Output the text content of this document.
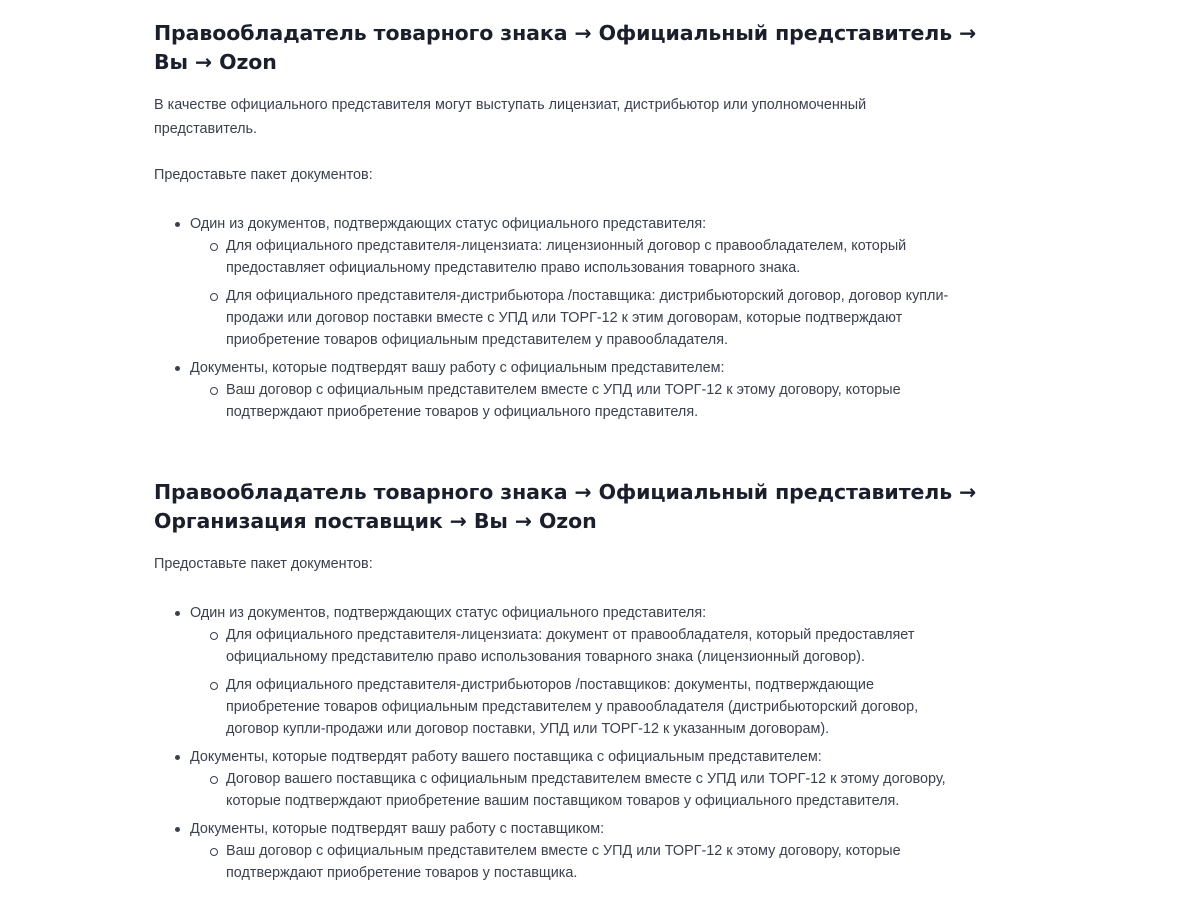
Правообладатель товарного знака → Официальный представитель → Вы → Ozon

В качестве официального представителя могут выступать лицензиат, дистрибьютор или уполномоченный
представитель.

Предоставьте пакет документов:

Один из документов, подтверждающих статус официального представителя:
Для официального представителя-лицензиата: лицензионный договор с правообладателем, который
предоставляет официальному представителю право использования товарного знака.
Для официального представителя-дистрибьютора /поставщика: дистрибьюторский договор, договор купли-
продажи или договор поставки вместе с УПД или ТОРГ-12 к этим договорам, которые подтверждают
приобретение товаров официальным представителем у правообладателя.
Документы, которые подтвердят вашу работу с официальным представителем:
Ваш договор с официальным представителем вместе с УПД или ТОРГ-12 к этому договору, которые
подтверждают приобретение товаров у официального представителя.
Правообладатель товарного знака → Официальный представитель →
Организация поставщик → Вы → Ozon

Предоставьте пакет документов:

Один из документов, подтверждающих статус официального представителя:
Для официального представителя-лицензиата: документ от правообладателя, который предоставляет
официальному представителю право использования товарного знака (лицензионный договор).
Для официального представителя-дистрибьюторов /поставщиков: документы, подтверждающие
приобретение товаров официальным представителем у правообладателя (дистрибьюторский договор,
договор купли-продажи или договор поставки, УПД или ТОРГ-12 к указанным договорам).
Документы, которые подтвердят работу вашего поставщика с официальным представителем:
Договор вашего поставщика с официальным представителем вместе с УПД или ТОРГ-12 к этому договору,
которые подтверждают приобретение вашим поставщиком товаров у официального представителя.
Документы, которые подтвердят вашу работу с поставщиком:
Ваш договор с официальным представителем вместе с УПД или ТОРГ-12 к этому договору, которые
подтверждают приобретение товаров у поставщика.
